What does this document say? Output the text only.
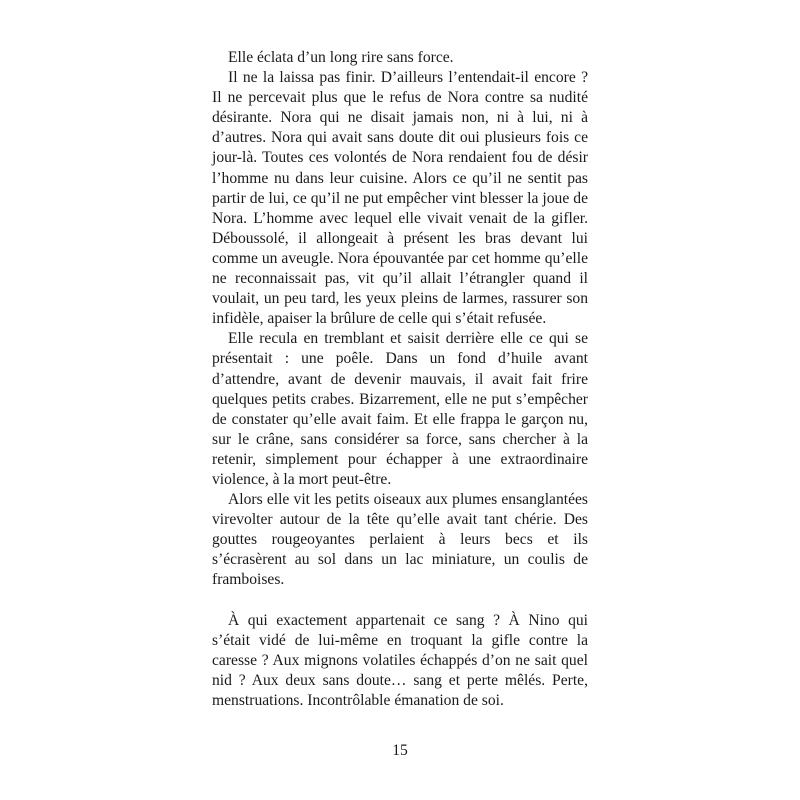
Elle éclata d’un long rire sans force.

Il ne la laissa pas finir. D’ailleurs l’entendait-il encore ? Il ne percevait plus que le refus de Nora contre sa nudité désirante. Nora qui ne disait jamais non, ni à lui, ni à d’autres. Nora qui avait sans doute dit oui plusieurs fois ce jour-là. Toutes ces volontés de Nora rendaient fou de désir l’homme nu dans leur cuisine. Alors ce qu’il ne sentit pas partir de lui, ce qu’il ne put empêcher vint blesser la joue de Nora. L’homme avec lequel elle vivait venait de la gifler. Déboussolé, il allongeait à présent les bras devant lui comme un aveugle. Nora épouvantée par cet homme qu’elle ne reconnaissait pas, vit qu’il allait l’étrangler quand il voulait, un peu tard, les yeux pleins de larmes, rassurer son infidèle, apaiser la brûlure de celle qui s’était refusée.

Elle recula en tremblant et saisit derrière elle ce qui se présentait : une poêle. Dans un fond d’huile avant d’attendre, avant de devenir mauvais, il avait fait frire quelques petits crabes. Bizarrement, elle ne put s’empêcher de constater qu’elle avait faim. Et elle frappa le garçon nu, sur le crâne, sans considérer sa force, sans chercher à la retenir, simplement pour échapper à une extraordinaire violence, à la mort peut-être.

Alors elle vit les petits oiseaux aux plumes ensanglantées virevolter autour de la tête qu’elle avait tant chérie. Des gouttes rougeoyantes perlaient à leurs becs et ils s’écrasèrent au sol dans un lac miniature, un coulis de framboises.

À qui exactement appartenait ce sang ? À Nino qui s’était vidé de lui-même en troquant la gifle contre la caresse ? Aux mignons volatiles échappés d’on ne sait quel nid ? Aux deux sans doute… sang et perte mêlés. Perte, menstruations. Incontrôlable émanation de soi.

15
